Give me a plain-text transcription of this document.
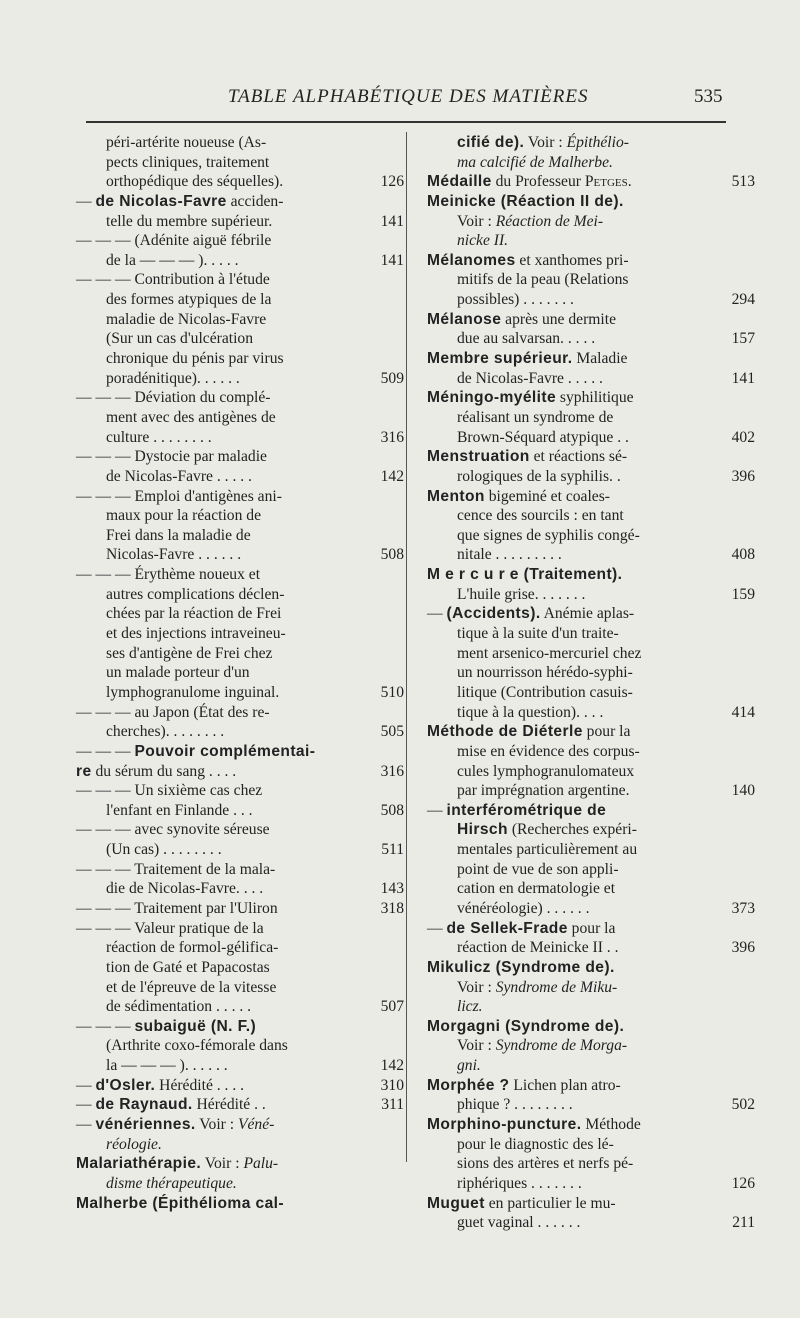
TABLE ALPHABÉTIQUE DES MATIÈRES	535
péri-artérite noueuse (As-
pects cliniques, traitement
orthopédique des séquelles).	126
— de Nicolas-Favre acciden-
telle du membre supérieur.	141
— — — (Adénite aiguë fébrile
de la — — — ). . . . .	141
— — — Contribution à l'étude
des formes atypiques de la
maladie de Nicolas-Favre
(Sur un cas d'ulcération
chronique du pénis par virus
poradénitique). . . . . .	509
— — — Déviation du complé-
ment avec des antigènes de
culture . . . . . . . .	316
— — — Dystocie par maladie
de Nicolas-Favre . . . . .	142
— — — Emploi d'antigènes ani-
maux pour la réaction de
Frei dans la maladie de
Nicolas-Favre . . . . . .	508
— — — Érythème noueux et
autres complications déclen-
chées par la réaction de Frei
et des injections intraveineu-
ses d'antigène de Frei chez
un malade porteur d'un
lymphogranulome inguinal.	510
— — — au Japon (État des re-
cherches). . . . . . . .	505
— — — Pouvoir complémentai-
re du sérum du sang . . . .	316
— — — Un sixième cas chez
l'enfant en Finlande . . .	508
— — — avec synovite séreuse
(Un cas) . . . . . . . .	511
— — — Traitement de la mala-
die de Nicolas-Favre. . . .	143
— — — Traitement par l'Uliron	318
— — — Valeur pratique de la
réaction de formol-gélifica-
tion de Gaté et Papacostas
et de l'épreuve de la vitesse
de sédimentation . . . . .	507
— — — subaiguë (N. F.)
(Arthrite coxo-fémorale dans
la — — — ). . . . . .	142
— d'Osler. Hérédité . . . .	310
— de Raynaud. Hérédité . .	311
— vénériennes. Voir : Véné-
réologie.
Malariathérapie. Voir : Palu-
disme thérapeutique.
Malherbe (Épithélioma cal-
cifié de). Voir : Épithélio-
ma calcifié de Malherbe.
Médaille du Professeur Petges.	513
Meinicke (Réaction II de).
Voir : Réaction de Mei-
nicke II.
Mélanomes et xanthomes pri-
mitifs de la peau (Relations
possibles) . . . . . . .	294
Mélanose après une dermite
due au salvarsan. . . . .	157
Membre supérieur. Maladie
de Nicolas-Favre . . . . .	141
Méningo-myélite syphilitique
réalisant un syndrome de
Brown-Séquard atypique . .	402
Menstruation et réactions sé-
rologiques de la syphilis. .	396
Menton bigeminé et coales-
cence des sourcils : en tant
que signes de syphilis congé-
nitale . . . . . . . . .	408
M e r c u r e (Traitement).
L'huile grise. . . . . . .	159
— (Accidents). Anémie aplas-
tique à la suite d'un traite-
ment arsenico-mercuriel chez
un nourrisson hérédo-syphi-
litique (Contribution casuis-
tique à la question). . . .	414
Méthode de Diéterle pour la
mise en évidence des corpus-
cules lymphogranulomateux
par imprégnation argentine.	140
— interférométrique de
Hirsch (Recherches expéri-
mentales particulièrement au
point de vue de son appli-
cation en dermatologie et
vénéréologie) . . . . . .	373
— de Sellek-Frade pour la
réaction de Meinicke II . .	396
Mikulicz (Syndrome de).
Voir : Syndrome de Miku-
licz.
Morgagni (Syndrome de).
Voir : Syndrome de Morga-
gni.
Morphée ? Lichen plan atro-
phique ? . . . . . . . .	502
Morphino-puncture. Méthode
pour le diagnostic des lé-
sions des artères et nerfs pé-
riphériques . . . . . . .	126
Muguet en particulier le mu-
guet vaginal . . . . . .	211
